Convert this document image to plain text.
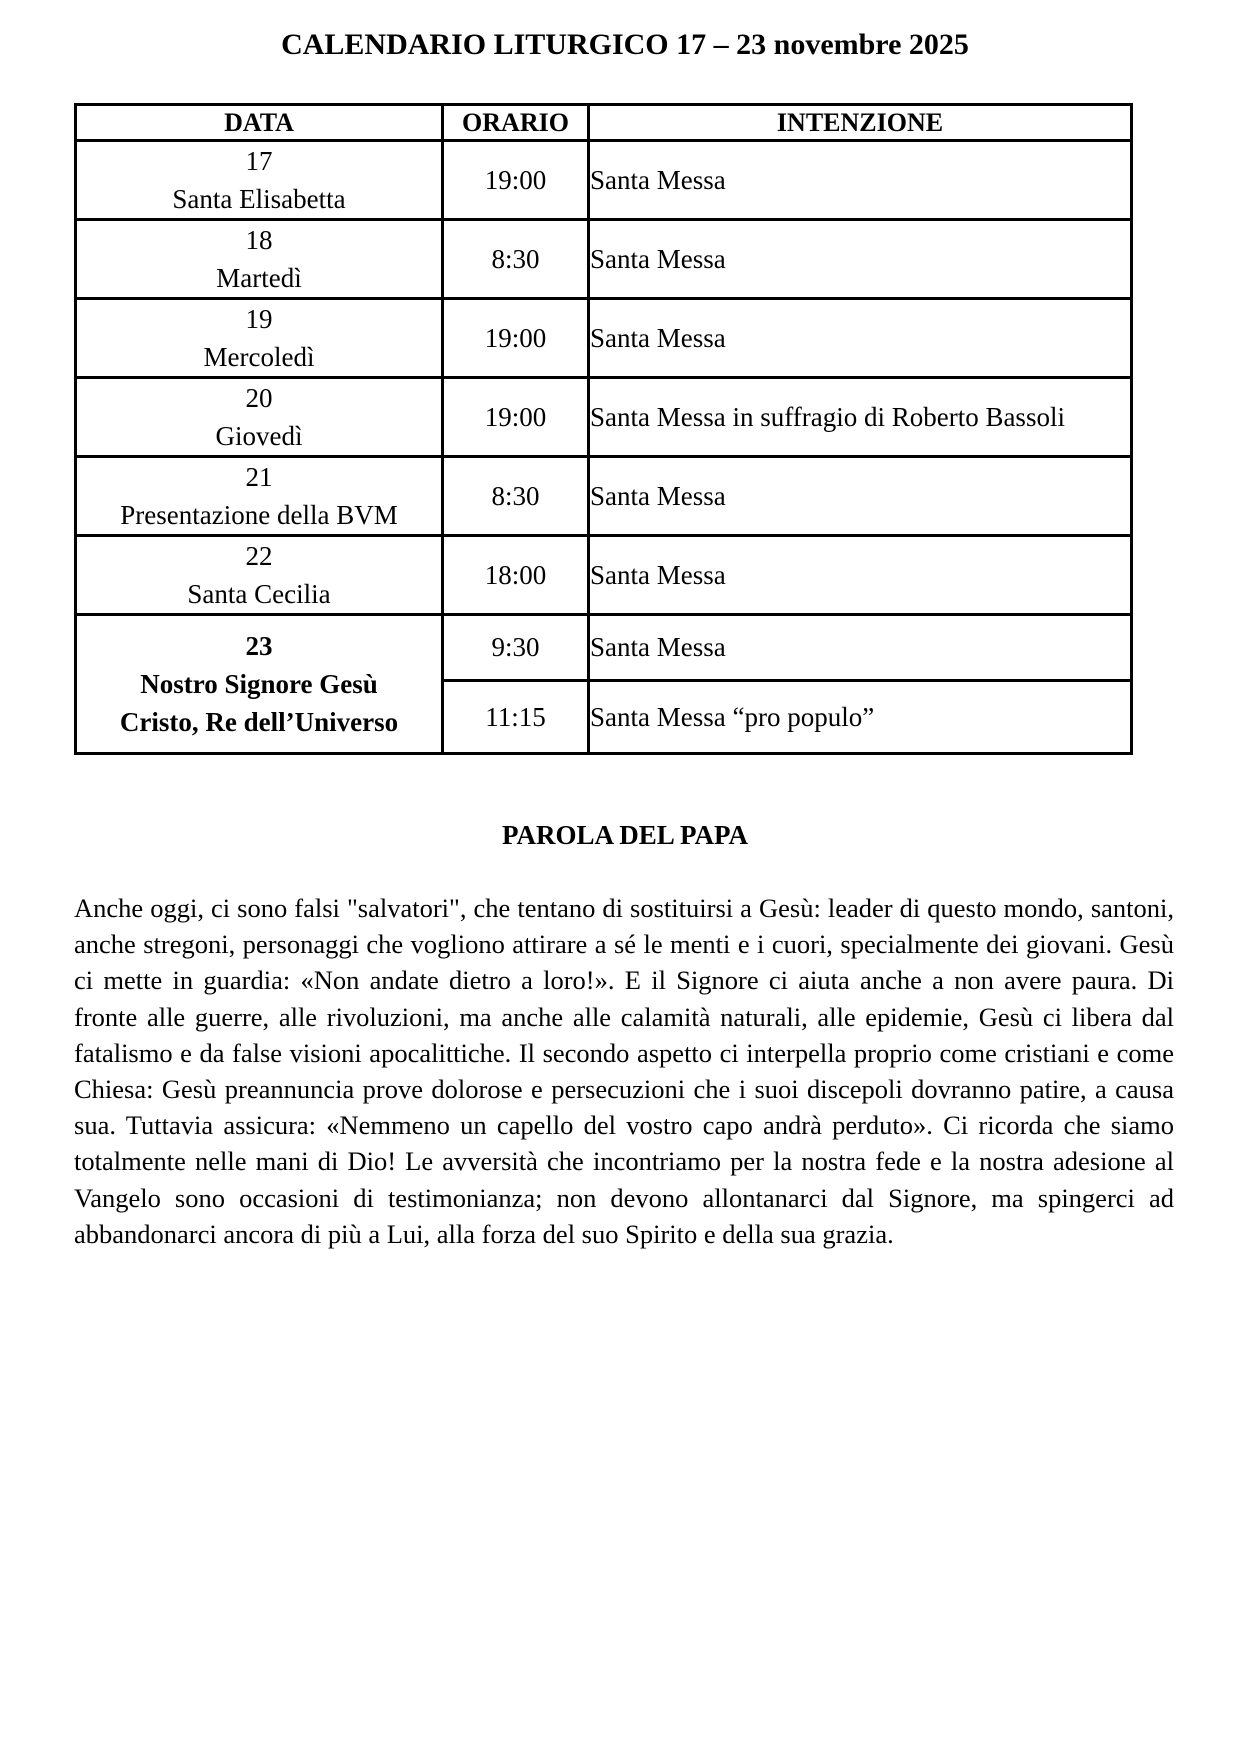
CALENDARIO LITURGICO 17 – 23 novembre 2025
DATA	ORARIO	INTENZIONE

17
Santa Elisabetta	19:00	Santa Messa

18
Martedì	8:30	Santa Messa

19
Mercoledì	19:00	Santa Messa

20
Giovedì	19:00	Santa Messa in suffragio di Roberto Bassoli

21
Presentazione della BVM	8:30	Santa Messa

22
Santa Cecilia	18:00	Santa Messa

23
Nostro Signore Gesù
Cristo, Re dell’Universo	9:30	Santa Messa
	11:15	Santa Messa “pro populo”
PAROLA DEL PAPA

Anche oggi, ci sono falsi "salvatori", che tentano di sostituirsi a Gesù: leader di questo mondo, santoni, anche stregoni, personaggi che vogliono attirare a sé le menti e i cuori, specialmente dei giovani. Gesù ci mette in guardia: «Non andate dietro a loro!». E il Signore ci aiuta anche a non avere paura. Di fronte alle guerre, alle rivoluzioni, ma anche alle calamità naturali, alle epidemie, Gesù ci libera dal fatalismo e da false visioni apocalittiche. Il secondo aspetto ci interpella proprio come cristiani e come Chiesa: Gesù preannuncia prove dolorose e persecuzioni che i suoi discepoli dovranno patire, a causa sua. Tuttavia assicura: «Nemmeno un capello del vostro capo andrà perduto». Ci ricorda che siamo totalmente nelle mani di Dio! Le avversità che incontriamo per la nostra fede e la nostra adesione al Vangelo sono occasioni di testimonianza; non devono allontanarci dal Signore, ma spingerci ad abbandonarci ancora di più a Lui, alla forza del suo Spirito e della sua grazia.
